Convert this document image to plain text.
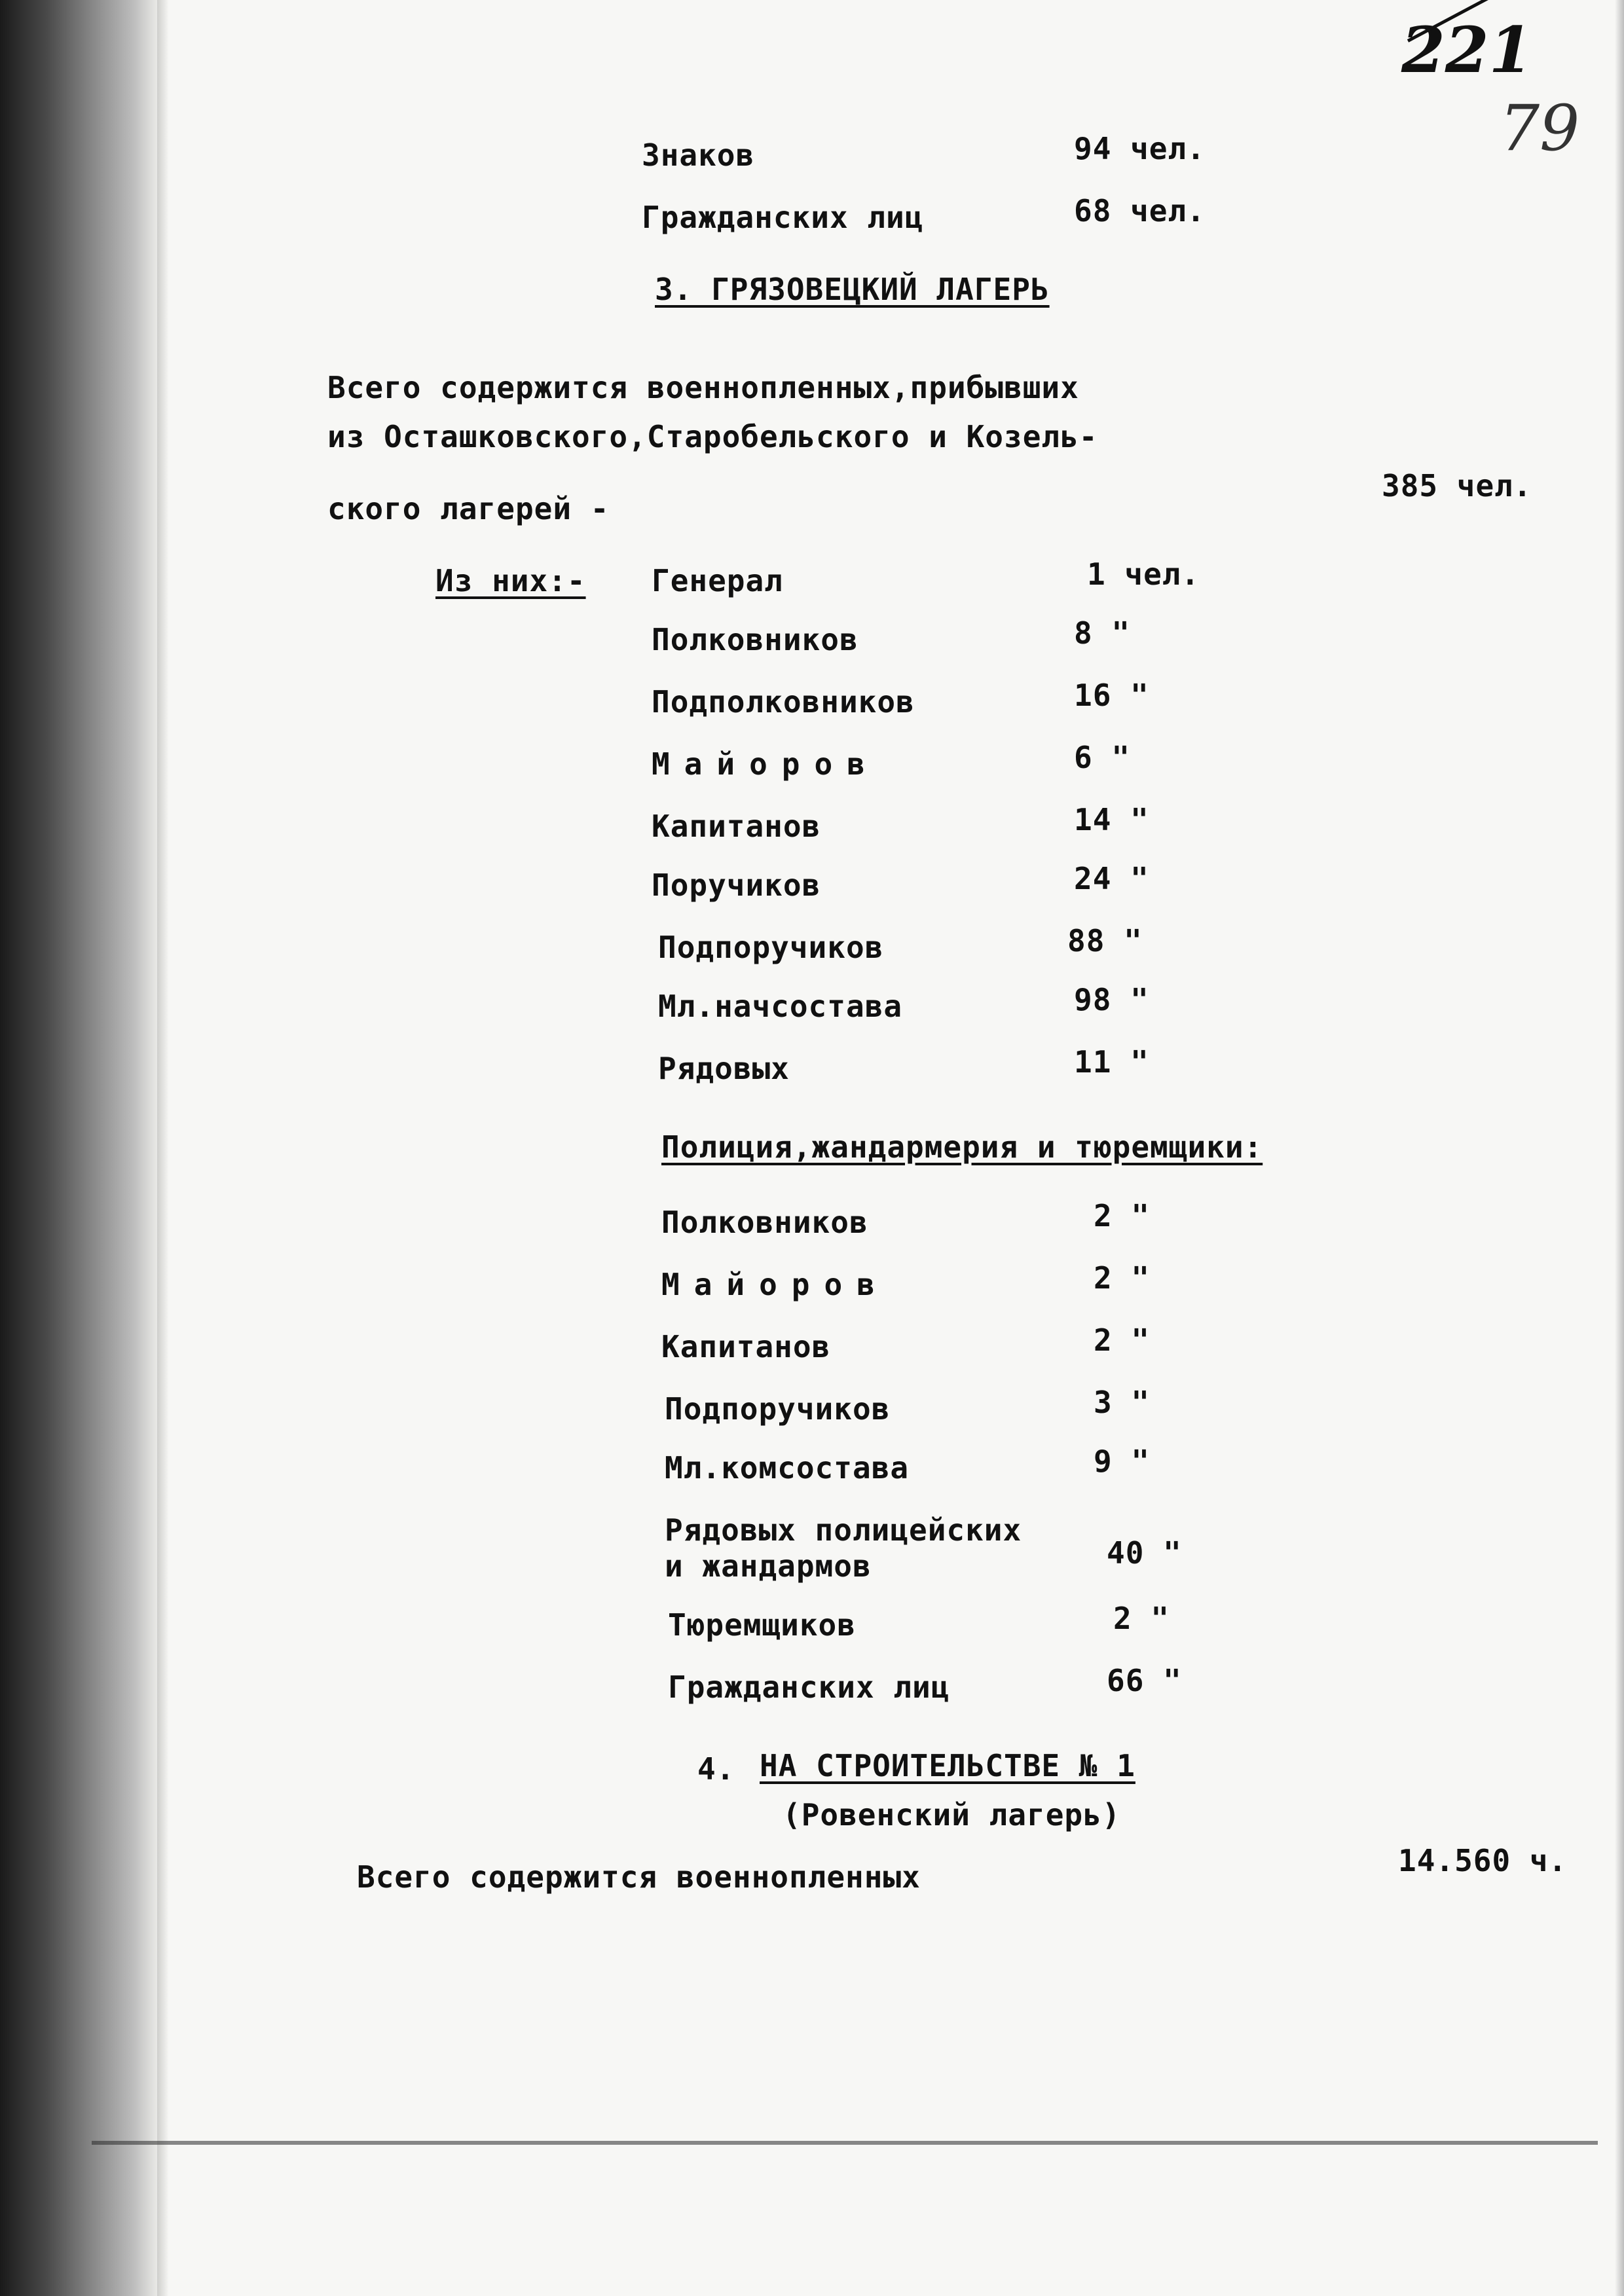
221
79
Знаков	94 чел.
Гражданских лиц	68 чел.
3. ГРЯЗОВЕЦКИЙ ЛАГЕРЬ
Всего содержится военнопленных,прибывших
из Осташковского,Старобельского и Козель-
ского лагерей -
385 чел.
Из них:- Генерал	1 чел.
Полковников	8 "
Подполковников	16 "
Майоров	6 "
Капитанов	14 "
Поручиков	24 "
Подпоручиков	88 "
Мл.начсостава	98 "
Рядовых	11 "
Полиция,жандармерия и тюремщики:
Полковников	2 "
Майоров	2 "
Капитанов	2 "
Подпоручиков	3 "
Мл.комсостава	9 "
Рядовых полицейских
и жандармов	40 "
Тюремщиков	2 "
Гражданских лиц	66 "
4. НА СТРОИТЕЛЬСТВЕ № 1
(Ровенский лагерь)
Всего содержится военнопленных	14.560 ч.
